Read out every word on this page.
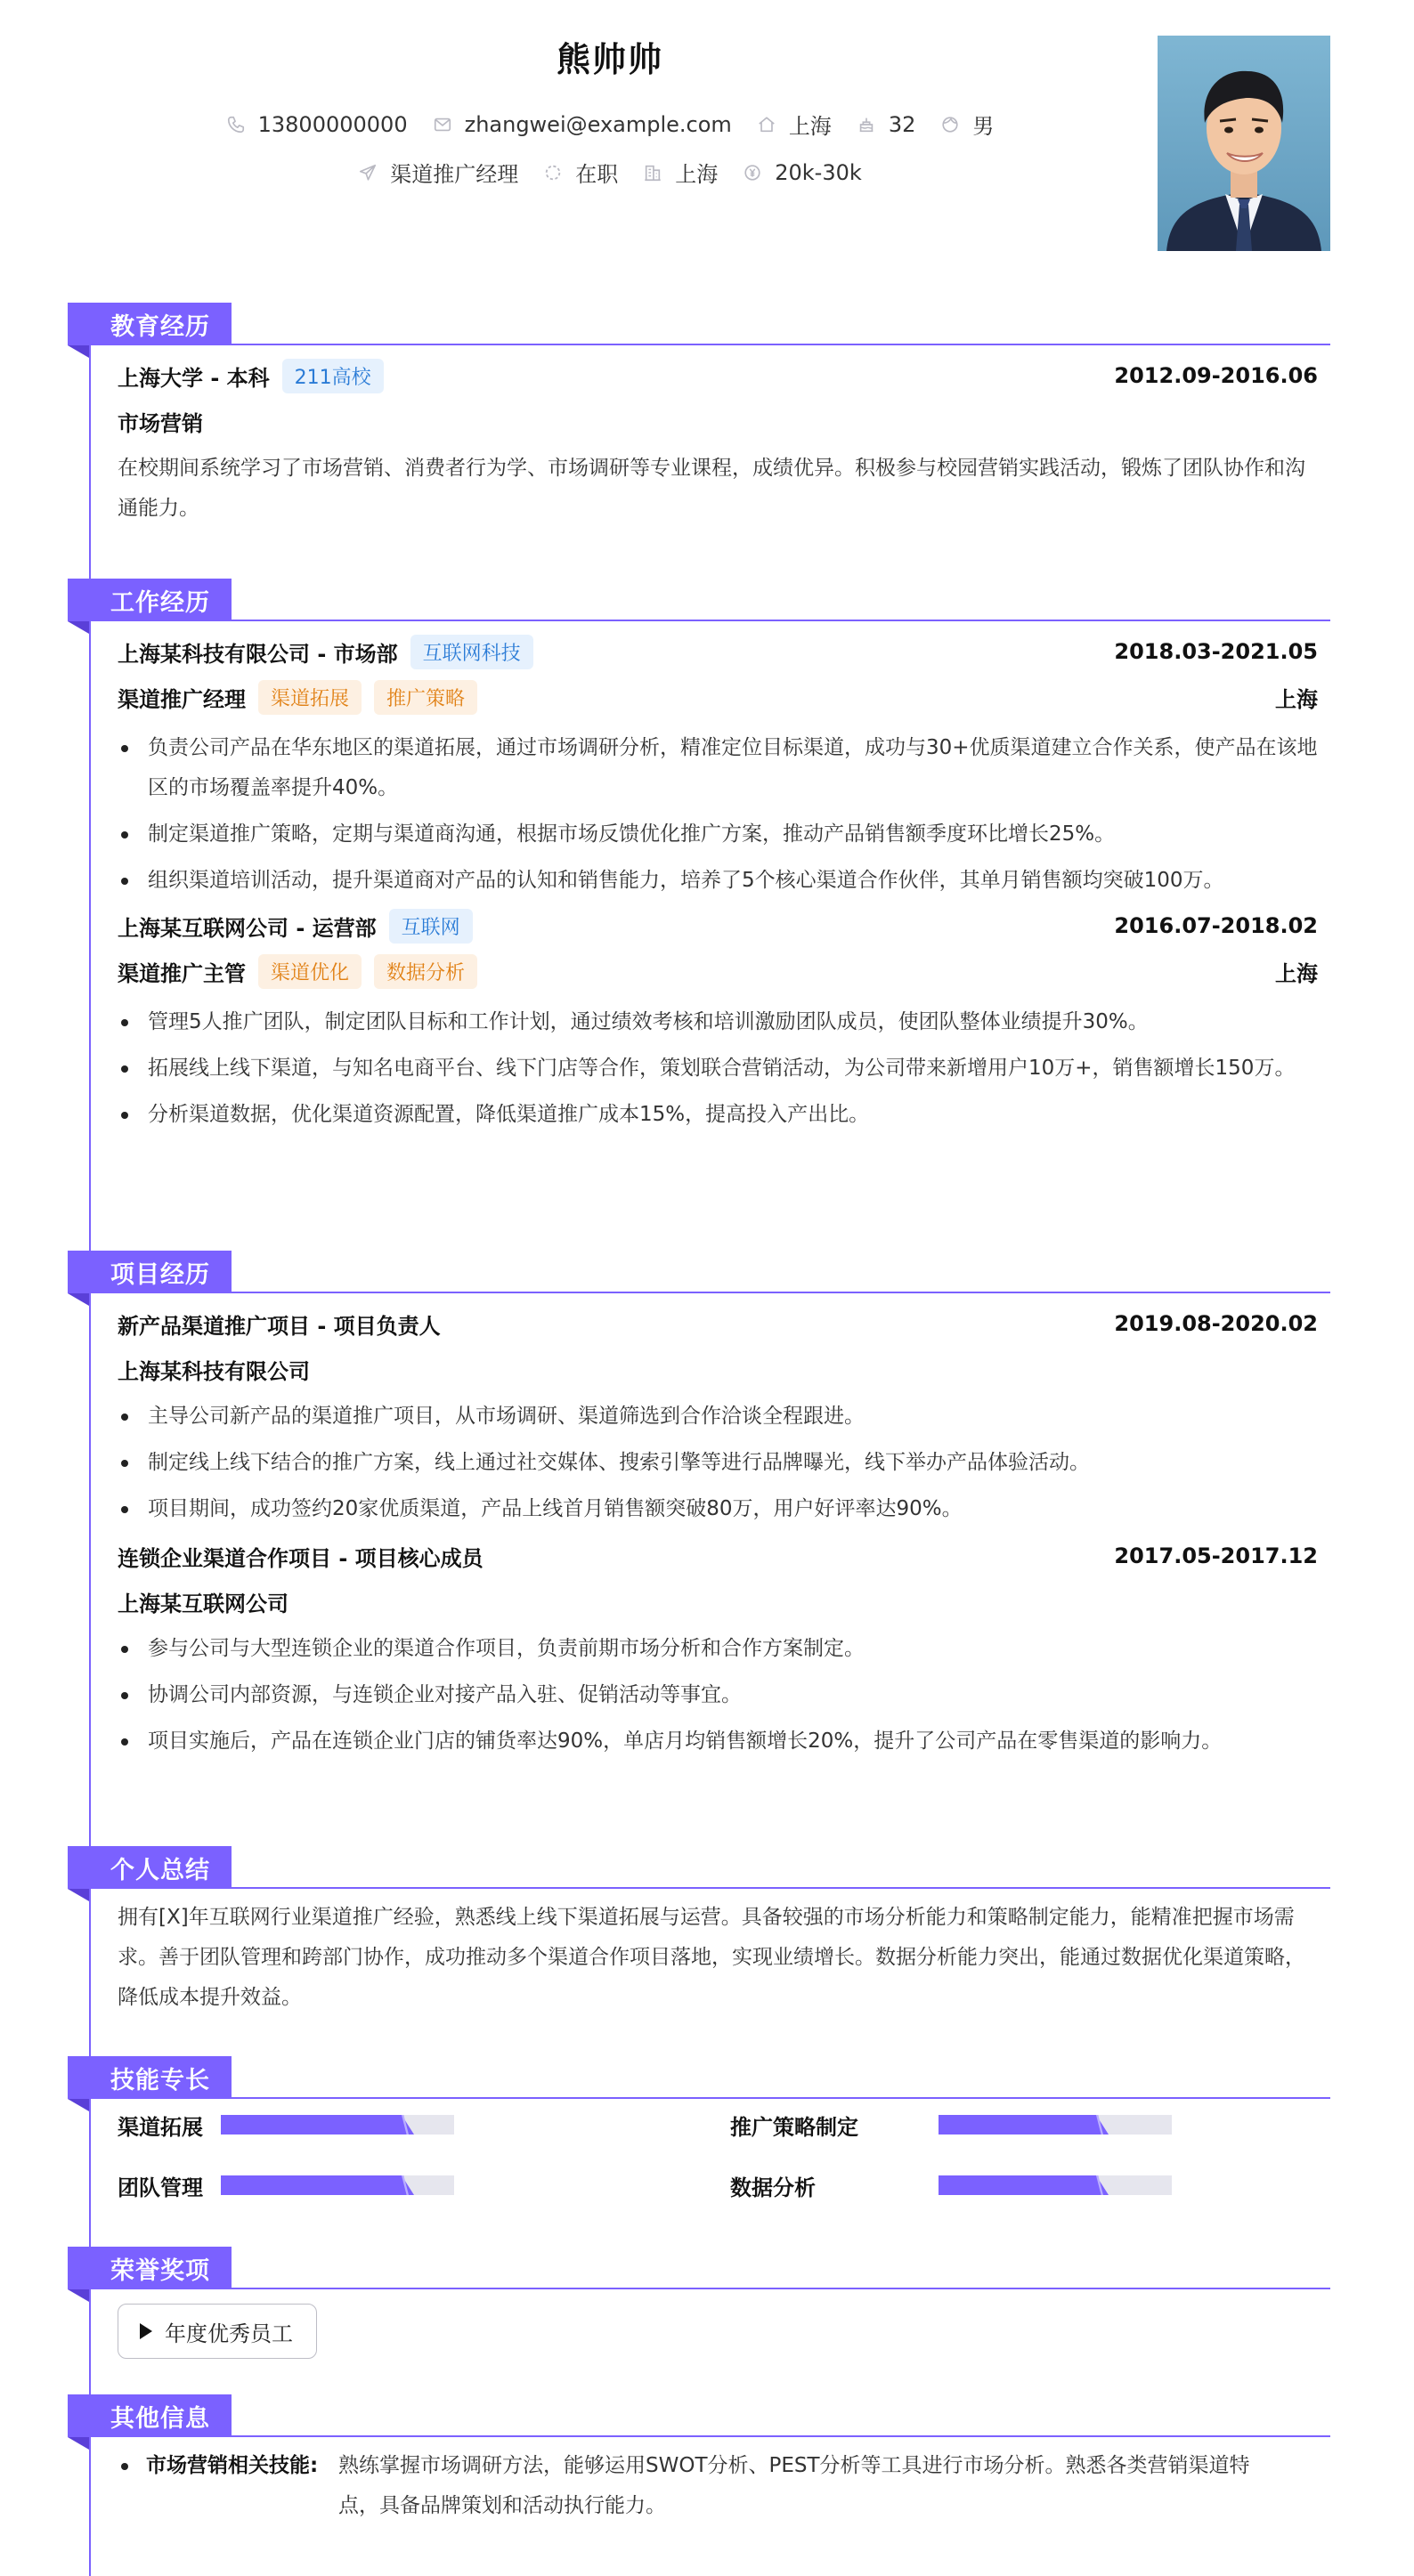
熊帅帅
13800000000	zhangwei@example.com	上海	32	男
渠道推广经理	在职	上海	20k-30k
教育经历
上海大学 - 本科	211高校	2012.09-2016.06
市场营销
在校期间系统学习了市场营销、消费者行为学、市场调研等专业课程，成绩优异。积极参与校园营销实践活动，锻炼了团队协作和沟通能力。
工作经历
上海某科技有限公司 - 市场部	互联网科技	2018.03-2021.05
渠道推广经理	渠道拓展	推广策略	上海
负责公司产品在华东地区的渠道拓展，通过市场调研分析，精准定位目标渠道，成功与30+优质渠道建立合作关系，使产品在该地区的市场覆盖率提升40%。
制定渠道推广策略，定期与渠道商沟通，根据市场反馈优化推广方案，推动产品销售额季度环比增长25%。
组织渠道培训活动，提升渠道商对产品的认知和销售能力，培养了5个核心渠道合作伙伴，其单月销售额均突破100万。
上海某互联网公司 - 运营部	互联网	2016.07-2018.02
渠道推广主管	渠道优化	数据分析	上海
管理5人推广团队，制定团队目标和工作计划，通过绩效考核和培训激励团队成员，使团队整体业绩提升30%。
拓展线上线下渠道，与知名电商平台、线下门店等合作，策划联合营销活动，为公司带来新增用户10万+，销售额增长150万。
分析渠道数据，优化渠道资源配置，降低渠道推广成本15%，提高投入产出比。
项目经历
新产品渠道推广项目 - 项目负责人	2019.08-2020.02
上海某科技有限公司
主导公司新产品的渠道推广项目，从市场调研、渠道筛选到合作洽谈全程跟进。
制定线上线下结合的推广方案，线上通过社交媒体、搜索引擎等进行品牌曝光，线下举办产品体验活动。
项目期间，成功签约20家优质渠道，产品上线首月销售额突破80万，用户好评率达90%。
连锁企业渠道合作项目 - 项目核心成员	2017.05-2017.12
上海某互联网公司
参与公司与大型连锁企业的渠道合作项目，负责前期市场分析和合作方案制定。
协调公司内部资源，与连锁企业对接产品入驻、促销活动等事宜。
项目实施后，产品在连锁企业门店的铺货率达90%，单店月均销售额增长20%，提升了公司产品在零售渠道的影响力。
个人总结
拥有[X]年互联网行业渠道推广经验，熟悉线上线下渠道拓展与运营。具备较强的市场分析能力和策略制定能力，能精准把握市场需求。善于团队管理和跨部门协作，成功推动多个渠道合作项目落地，实现业绩增长。数据分析能力突出，能通过数据优化渠道策略，降低成本提升效益。
技能专长
渠道拓展	推广策略制定
团队管理	数据分析
荣誉奖项
年度优秀员工
其他信息
市场营销相关技能: 熟练掌握市场调研方法，能够运用SWOT分析、PEST分析等工具进行市场分析。熟悉各类营销渠道特点，具备品牌策划和活动执行能力。
